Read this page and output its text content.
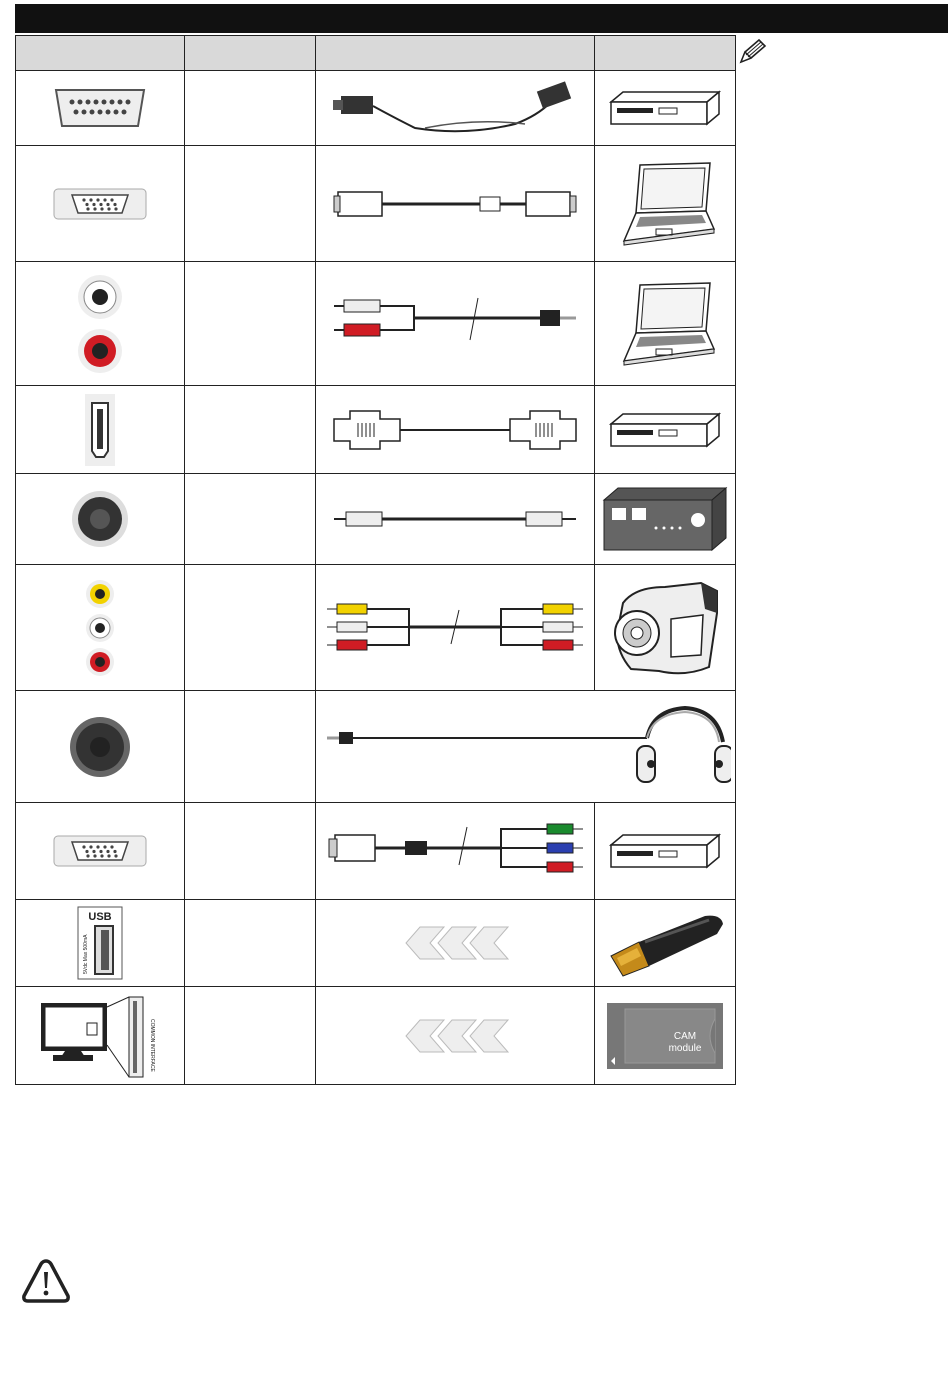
USB
5Vdc Max 500mA

COMMON INTERFACE			CAM
module
